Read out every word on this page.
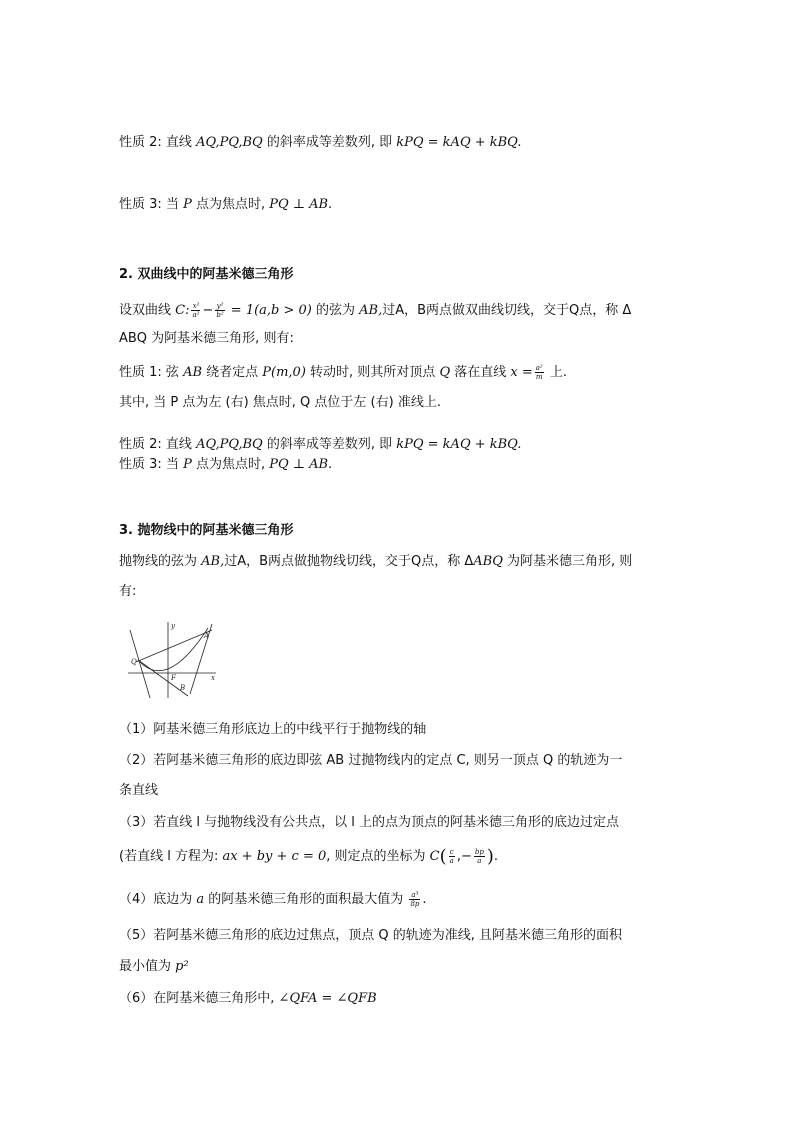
性质 2: 直线 AQ,PQ,BQ 的斜率成等差数列, 即 kPQ = kAQ + kBQ.
性质 3: 当 P 点为焦点时, PQ ⊥ AB.
2. 双曲线中的阿基米德三角形
设双曲线 C: $\frac{\text{x²}}{\text{a²}} - \frac{\text{y²}}{\text{b²}} = 1(a,b > 0)$ 的弦为 AB,过A，B两点做双曲线切线，交于Q点，称 Δ
ABQ 为阿基米德三角形, 则有:
性质 1: 弦 AB 绕者定点 P(m,0) 转动时, 则其所对顶点 Q 落在直线 $x = \frac{\text{a²}}{m}$ 上.
其中, 当 P 点为左 (右) 焦点时, Q 点位于左 (右) 准线上.
性质 2: 直线 AQ,PQ,BQ 的斜率成等差数列, 即 kPQ = kAQ + kBQ.
性质 3: 当 P 点为焦点时, PQ ⊥ AB.
3. 抛物线中的阿基米德三角形
抛物线的弦为 AB,过A，B两点做抛物线切线，交于Q点，称 ΔABQ 为阿基米德三角形, 则
有:
y
x
Q
A
B
F
（1）阿基米德三角形底边上的中线平行于抛物线的轴
（2）若阿基米德三角形的底边即弦 AB 过抛物线内的定点 C, 则另一顶点 Q 的轨迹为一
条直线
（3）若直线 l 与抛物线没有公共点，以 l 上的点为顶点的阿基米德三角形的底边过定点
(若直线 l 方程为: ax + by + c = 0, 则定点的坐标为 $C( \frac{c}{a}$ ,− $\frac{bp}{a}$ ).
（4）底边为 a 的阿基米德三角形的面积最大值为 $\frac{\text{a³}}{8p}$ .
（5）若阿基米德三角形的底边过焦点，顶点 Q 的轨迹为准线, 且阿基米德三角形的面积
最小值为 p²
（6）在阿基米德三角形中, ∠QFA = ∠QFB
